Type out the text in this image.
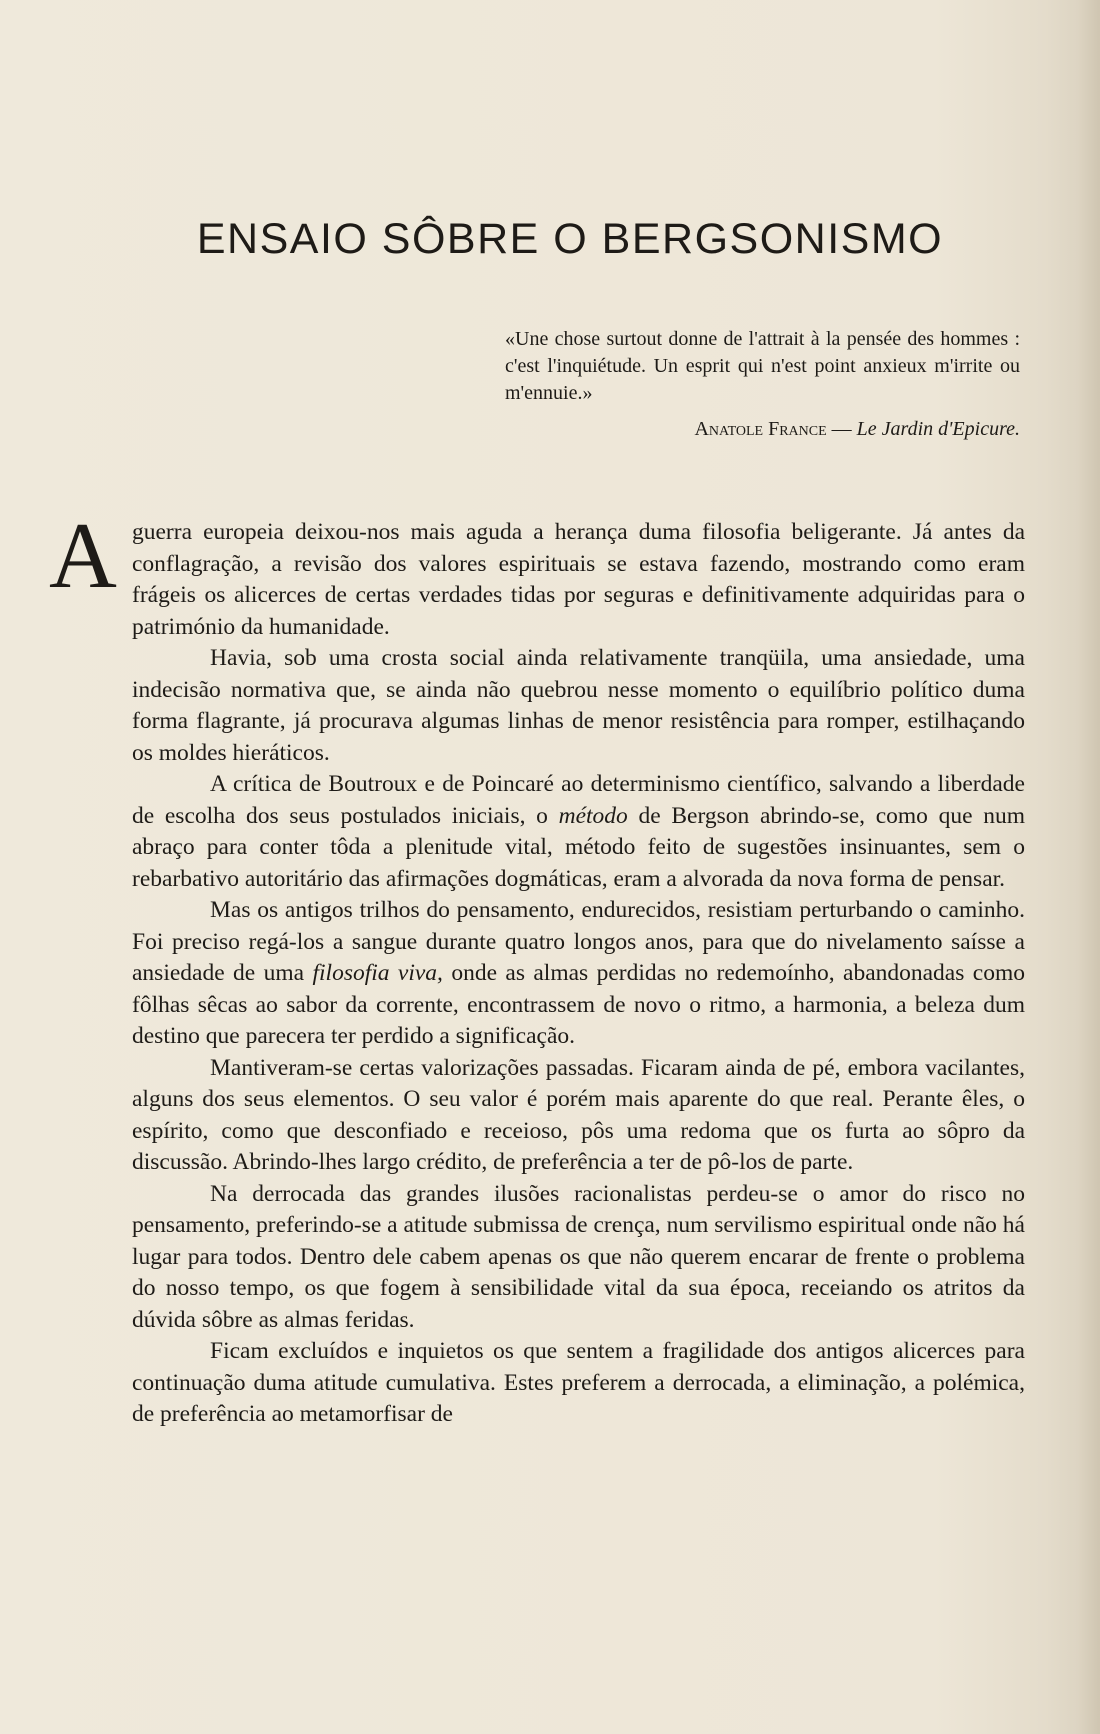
ENSAIO SÔBRE O BERGSONISMO

«Une chose surtout donne de l'attrait à la pensée des hommes : c'est l'inquiétude. Un esprit qui n'est point anxieux m'irrite ou m'ennuie.»

Anatole France — Le Jardin d'Epicure.

Aguerra europeia deixou-nos mais aguda a herança duma filosofia beligerante. Já antes da conflagração, a revisão dos valores espirituais se estava fazendo, mostrando como eram frágeis os alicerces de certas verdades tidas por seguras e definitivamente adquiridas para o património da humanidade.

Havia, sob uma crosta social ainda relativamente tranqüila, uma ansiedade, uma indecisão normativa que, se ainda não quebrou nesse momento o equilíbrio político duma forma flagrante, já procurava algumas linhas de menor resistência para romper, estilhaçando os moldes hieráticos.

A crítica de Boutroux e de Poincaré ao determinismo científico, salvando a liberdade de escolha dos seus postulados iniciais, o método de Bergson abrindo-se, como que num abraço para conter tôda a plenitude vital, método feito de sugestões insinuantes, sem o rebarbativo autoritário das afirmações dogmáticas, eram a alvorada da nova forma de pensar.

Mas os antigos trilhos do pensamento, endurecidos, resistiam perturbando o caminho. Foi preciso regá-los a sangue durante quatro longos anos, para que do nivelamento saísse a ansiedade de uma filosofia viva, onde as almas perdidas no redemoínho, abandonadas como fôlhas sêcas ao sabor da corrente, encontrassem de novo o ritmo, a harmonia, a beleza dum destino que parecera ter perdido a significação.

Mantiveram-se certas valorizações passadas. Ficaram ainda de pé, embora vacilantes, alguns dos seus elementos. O seu valor é porém mais aparente do que real. Perante êles, o espírito, como que desconfiado e receioso, pôs uma redoma que os furta ao sôpro da discussão. Abrindo-lhes largo crédito, de preferência a ter de pô-los de parte.

Na derrocada das grandes ilusões racionalistas perdeu-se o amor do risco no pensamento, preferindo-se a atitude submissa de crença, num servilismo espiritual onde não há lugar para todos. Dentro dele cabem apenas os que não querem encarar de frente o problema do nosso tempo, os que fogem à sensibilidade vital da sua época, receiando os atritos da dúvida sôbre as almas feridas.

Ficam excluídos e inquietos os que sentem a fragilidade dos antigos alicerces para continuação duma atitude cumulativa. Estes preferem a derrocada, a eliminação, a polémica, de preferência ao metamorfisar de
